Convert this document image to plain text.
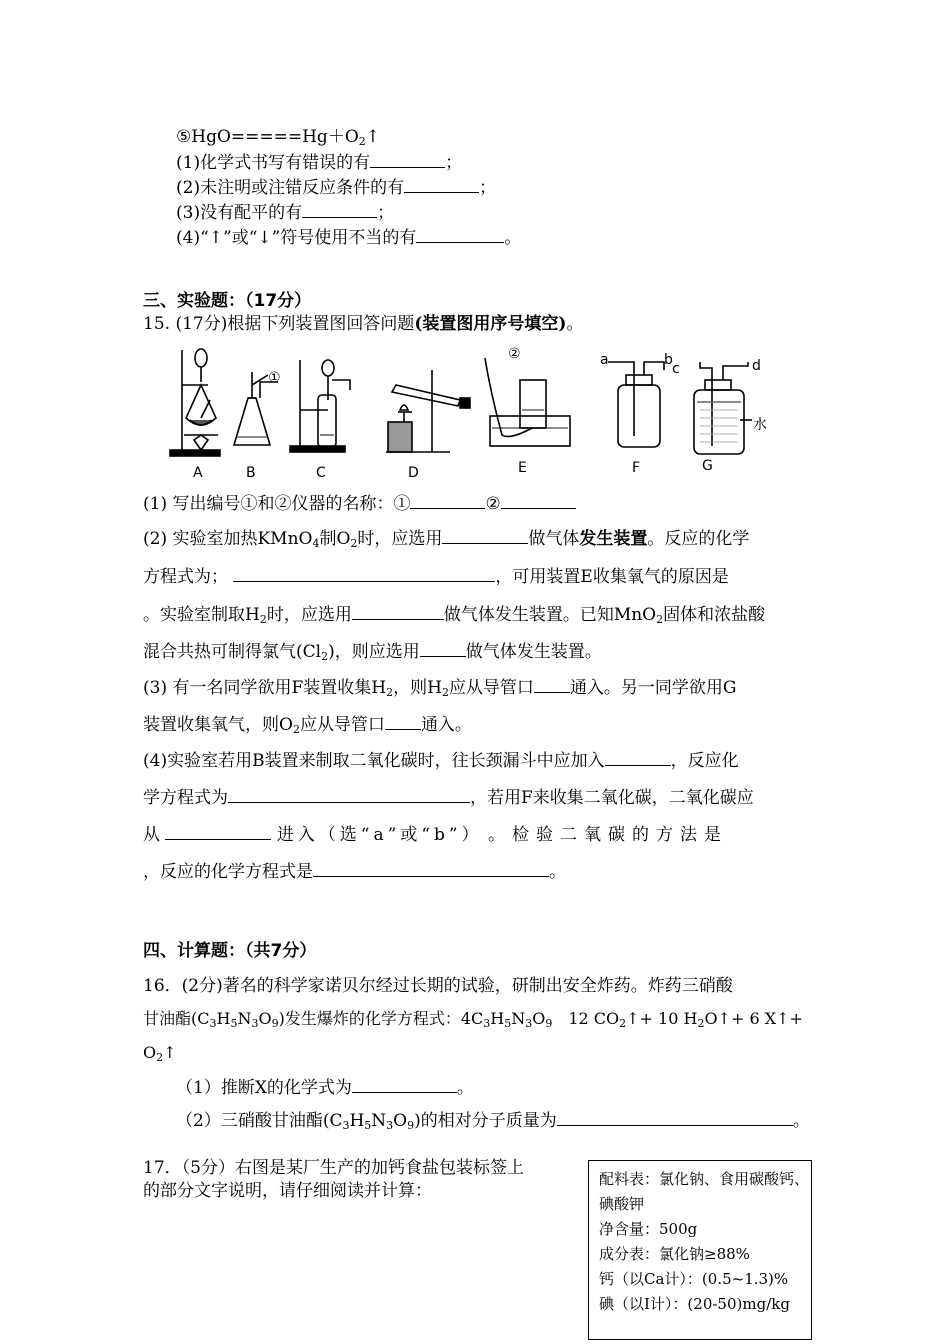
$⑤HgO=====Hg+O_2↑$
(1)化学式书写有错误的有	；
(2)未注明或注错反应条件的有	；
(3)没有配平的有	；
(4)“↑”或“↓”符号使用不当的有	。
三、实验题：（17分）
15. (17分)根据下列装置图回答问题(装置图用序号填空)。
A	B	C	D	E	F	G
①
②	a	b
c	d
水
(1) 写出编号①和②仪器的名称：①	②
(2) 实验室加热KMnO$_4$制$O_2$时，应选用	做气体发生装置。反应的化学
方程式为；	，可用装置E收集氧气的原因是
。实验室制取$H_2$时，应选用	做气体发生装置。已知MnO$_2$固体和浓盐酸
混合共热可制得氯气$(Cl_2)$，则应选用	做气体发生装置。
(3) 有一名同学欲用F装置收集$H_2$，则$H_2$应从导管口 通入。另一同学欲用G
装置收集氧气，则$O_2$应从导管口 通入。
(4)实验室若用B装置来制取二氧化碳时，往长颈漏斗中应加入	，反应化
学方程式为	，若用F来收集二氧化碳，二氧化碳应
从	进入（选“a”或“b”） 。检验二氧碳的方法是
，反应的化学方程式是	。
四、计算题：（共7分）
16．(2分)著名的科学家诺贝尔经过长期的试验，研制出安全炸药。炸药三硝酸
甘油酯$(C_3H_5N_3O_9)$发生爆炸的化学方程式：$4C_3H_5N_3O_9$　12 $CO_2↑+ 10$ $H_2O↑+ 6$ X↑+
$O_2↑$
（1）推断X的化学式为	。
（2）三硝酸甘油酯$(C_3H_5N_3O_9)$的相对分子质量为	。
17．（5分）右图是某厂生产的加钙食盐包装标签上
的部分文字说明，请仔细阅读并计算：
配料表：氯化钠、食用碳酸钙、
碘酸钾
净含量：500g
成分表：氯化钠≥88%
钙（以Ca计）：(0.5~1.3)%
碘（以I计）：(20-50)mg/kg
